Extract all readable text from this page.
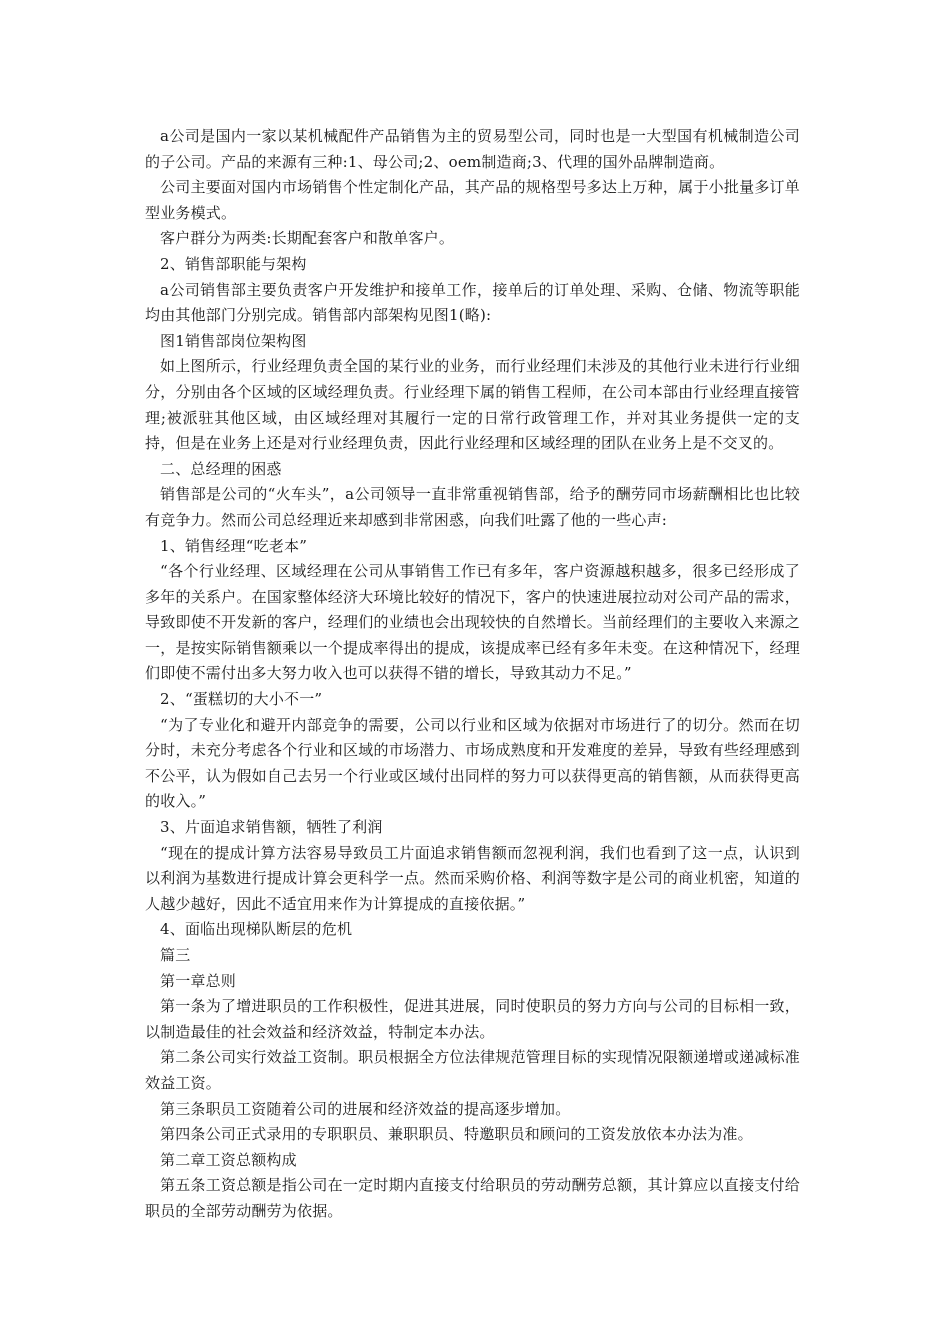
a公司是国内一家以某机械配件产品销售为主的贸易型公司，同时也是一大型国有机械制造公司的子公司。产品的来源有三种:1、母公司;2、oem制造商;3、代理的国外品牌制造商。

公司主要面对国内市场销售个性定制化产品，其产品的规格型号多达上万种，属于小批量多订单型业务模式。

客户群分为两类:长期配套客户和散单客户。

2、销售部职能与架构

a公司销售部主要负责客户开发维护和接单工作，接单后的订单处理、采购、仓储、物流等职能均由其他部门分别完成。销售部内部架构见图1(略):

图1销售部岗位架构图

如上图所示，行业经理负责全国的某行业的业务，而行业经理们未涉及的其他行业未进行行业细分，分别由各个区域的区域经理负责。行业经理下属的销售工程师，在公司本部由行业经理直接管理;被派驻其他区域，由区域经理对其履行一定的日常行政管理工作，并对其业务提供一定的支持，但是在业务上还是对行业经理负责，因此行业经理和区域经理的团队在业务上是不交叉的。

二、总经理的困惑

销售部是公司的“火车头”，a公司领导一直非常重视销售部，给予的酬劳同市场薪酬相比也比较有竞争力。然而公司总经理近来却感到非常困惑，向我们吐露了他的一些心声:

1、销售经理“吃老本”

“各个行业经理、区域经理在公司从事销售工作已有多年，客户资源越积越多，很多已经形成了多年的关系户。在国家整体经济大环境比较好的情况下，客户的快速进展拉动对公司产品的需求，导致即使不开发新的客户，经理们的业绩也会出现较快的自然增长。当前经理们的主要收入来源之一，是按实际销售额乘以一个提成率得出的提成，该提成率已经有多年未变。在这种情况下，经理们即使不需付出多大努力收入也可以获得不错的增长，导致其动力不足。”

2、“蛋糕切的大小不一”

“为了专业化和避开内部竞争的需要，公司以行业和区域为依据对市场进行了的切分。然而在切分时，未充分考虑各个行业和区域的市场潜力、市场成熟度和开发难度的差异，导致有些经理感到不公平，认为假如自己去另一个行业或区域付出同样的努力可以获得更高的销售额，从而获得更高的收入。”

3、片面追求销售额，牺牲了利润

“现在的提成计算方法容易导致员工片面追求销售额而忽视利润，我们也看到了这一点，认识到以利润为基数进行提成计算会更科学一点。然而采购价格、利润等数字是公司的商业机密，知道的人越少越好，因此不适宜用来作为计算提成的直接依据。”

4、面临出现梯队断层的危机

篇三

第一章总则

第一条为了增进职员的工作积极性，促进其进展，同时使职员的努力方向与公司的目标相一致，以制造最佳的社会效益和经济效益，特制定本办法。

第二条公司实行效益工资制。职员根据全方位法律规范管理目标的实现情况限额递增或递减标准效益工资。

第三条职员工资随着公司的进展和经济效益的提高逐步增加。

第四条公司正式录用的专职职员、兼职职员、特邀职员和顾问的工资发放依本办法为准。

第二章工资总额构成

第五条工资总额是指公司在一定时期内直接支付给职员的劳动酬劳总额，其计算应以直接支付给职员的全部劳动酬劳为依据。
